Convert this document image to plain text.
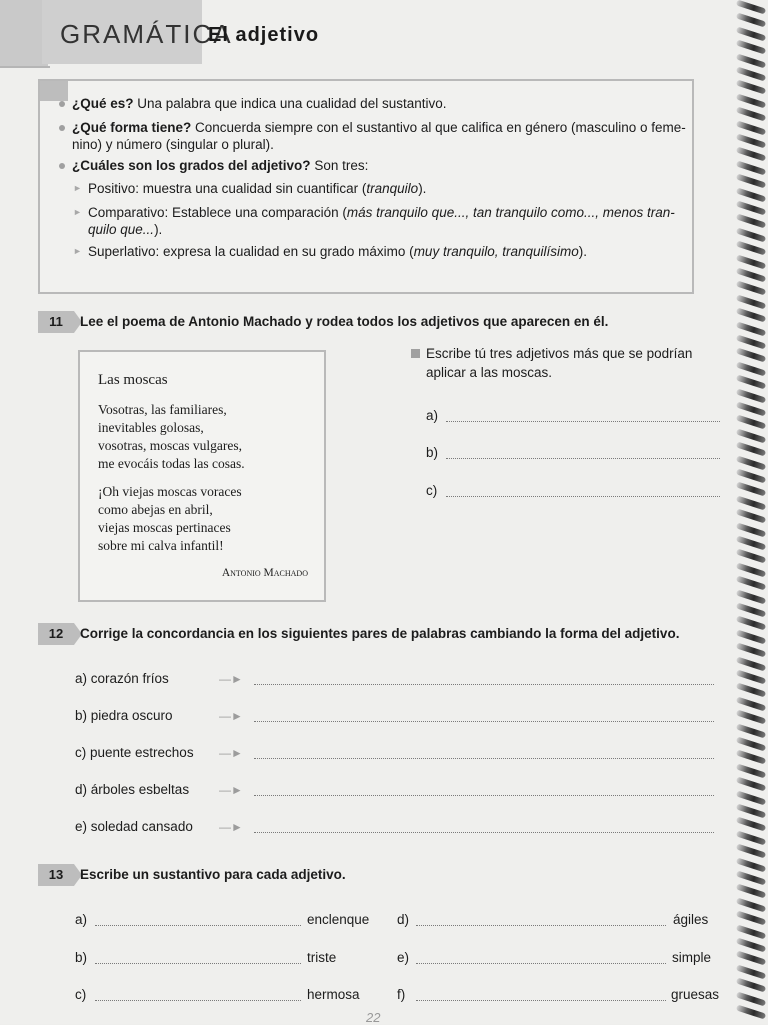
GRAMÁTICA
El adjetivo
¿Qué es? Una palabra que indica una cualidad del sustantivo.
¿Qué forma tiene? Concuerda siempre con el sustantivo al que califica en género (masculino o feme-
nino) y número (singular o plural).
¿Cuáles son los grados del adjetivo? Son tres:
► Positivo: muestra una cualidad sin cuantificar (tranquilo).
► Comparativo: Establece una comparación (más tranquilo que..., tan tranquilo como..., menos tran-
quilo que...).
► Superlativo: expresa la cualidad en su grado máximo (muy tranquilo, tranquilísimo).
11	Lee el poema de Antonio Machado y rodea todos los adjetivos que aparecen en él.
Las moscas
Vosotras, las familiares,
inevitables golosas,
vosotras, moscas vulgares,
me evocáis todas las cosas.
¡Oh viejas moscas voraces
como abejas en abril,
viejas moscas pertinaces
sobre mi calva infantil!
Antonio Machado
Escribe tú tres adjetivos más que se podrían aplicar a las moscas.
a)
b)
c)
12	Corrige la concordancia en los siguientes pares de palabras cambiando la forma del adjetivo.
a) corazón fríos	—►
b) piedra oscuro	—►
c) puente estrechos —►
d) árboles esbeltas —►
e) soledad cansado —►
13	Escribe un sustantivo para cada adjetivo.
a)	enclenque
b)	triste
c)	hermosa
d)	ágiles
e)	simple
f)	gruesas
22
